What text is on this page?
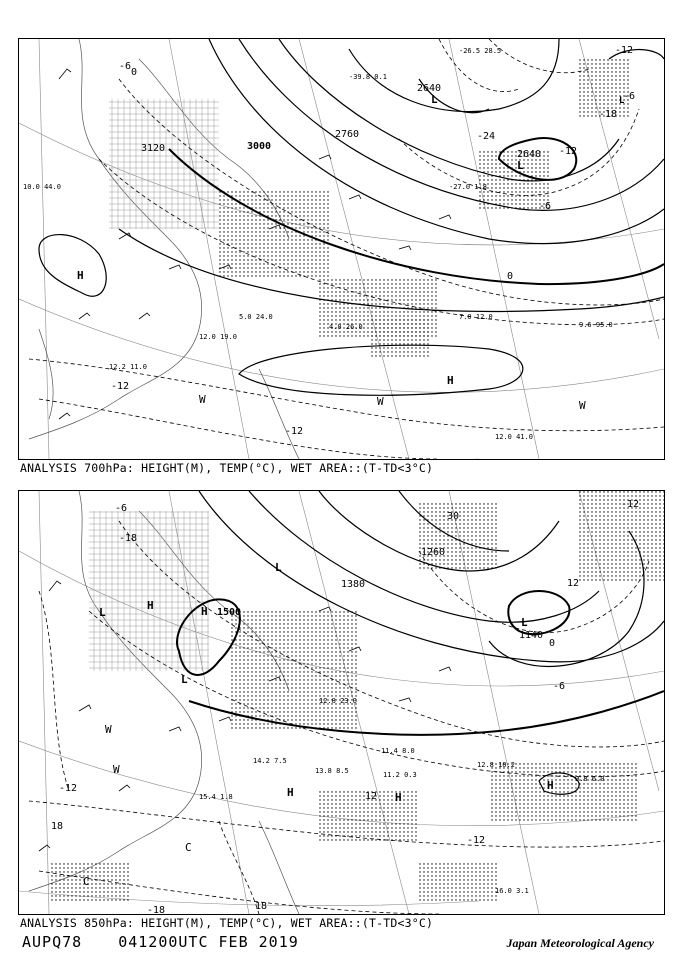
3120	3000
2760
2640
2640
-12
-18
-24
-12
0
-6
-6
-12
-6
0
-12
L
L
L
H
H
W	W	W
12.0 41.0
9.6 95.0
7.0 12.0
12.0 19.0
12.2 11.0
10.0 44.0
5.0 24.0
4.0 26.0
-26.5 28.5
-27.0 1.8
-39.8 0.1
ANALYSIS 700hPa: HEIGHT(M), TEMP(°C), WET AREA::(T-TD<3°C)
1500
1380
1260
1140
-30
-12
0
-6
12
-12
18
-18
18
-18
12
-12
-6
L
L
L
L
H	H
H	H
H
W
W
C
C
16.0 3.1
9.8 6.0
12.8 10.2
11.4 8.0
11.2 0.3
15.4 1.8
14.2 7.5
13.8 8.5
12.8 23.0
ANALYSIS 850hPa: HEIGHT(M), TEMP(°C), WET AREA::(T-TD<3°C)
AUPQ78 041200UTC FEB 2019	Japan Meteorological Agency
